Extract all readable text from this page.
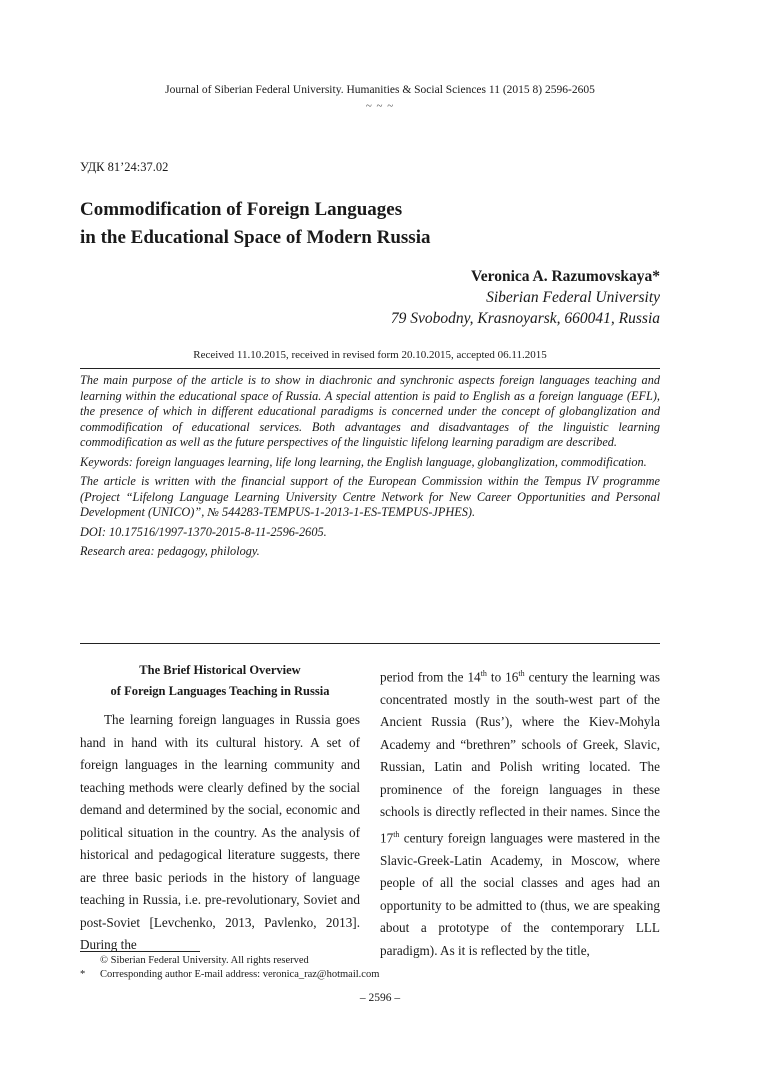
Journal of Siberian Federal University. Humanities & Social Sciences 11 (2015 8) 2596-2605
~ ~ ~
УДК 81’24:37.02
Commodification of Foreign Languages
in the Educational Space of Modern Russia
Veronica A. Razumovskaya*
Siberian Federal University
79 Svobodny, Krasnoyarsk, 660041, Russia
Received 11.10.2015, received in revised form 20.10.2015, accepted 06.11.2015

The main purpose of the article is to show in diachronic and synchronic aspects foreign languages teaching and learning within the educational space of Russia. A special attention is paid to English as a foreign language (EFL), the presence of which in different educational paradigms is concerned under the concept of globanglization and commodification of educational services. Both advantages and disadvantages of the linguistic learning commodification as well as the future perspectives of the linguistic lifelong learning paradigm are described.

Keywords: foreign languages learning, life long learning, the English language, globanglization, commodification.

The article is written with the financial support of the European Commission within the Tempus IV programme (Project “Lifelong Language Learning University Centre Network for New Career Opportunities and Personal Development (UNICO)”, № 544283-TEMPUS-1-2013-1-ES-TEMPUS-JPHES).

DOI: 10.17516/1997-1370-2015-8-11-2596-2605.

Research area: pedagogy, philology.

The Brief Historical Overview
of Foreign Languages Teaching in Russia

The learning foreign languages in Russia goes hand in hand with its cultural history. A set of foreign languages in the learning community and teaching methods were clearly defined by the social demand and determined by the social, economic and political situation in the country. As the analysis of historical and pedagogical literature suggests, there are three basic periods in the history of language teaching in Russia, i.e. pre-revolutionary, Soviet and post-Soviet [Levchenko, 2013, Pavlenko, 2013]. During the

period from the 14th to 16th century the learning was concentrated mostly in the south-west part of the Ancient Russia (Rus’), where the Kiev-Mohyla Academy and “brethren” schools of Greek, Slavic, Russian, Latin and Polish writing located. The prominence of the foreign languages in these schools is directly reflected in their names. Since the 17th century foreign languages were mastered in the Slavic-Greek-Latin Academy, in Moscow, where people of all the social classes and ages had an opportunity to be admitted to (thus, we are speaking about a prototype of the contemporary LLL paradigm). As it is reflected by the title,

© Siberian Federal University. All rights reserved
*	Corresponding author E-mail address: veronica_raz@hotmail.com
– 2596 –
